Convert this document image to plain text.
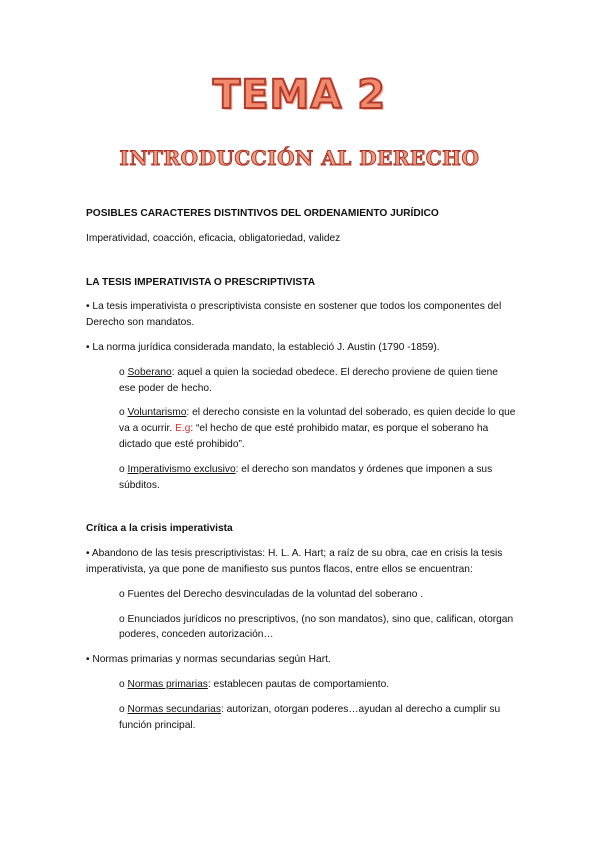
TEMA 2
INTRODUCCIÓN AL DERECHO

POSIBLES CARACTERES DISTINTIVOS DEL ORDENAMIENTO JURÍDICO

Imperatividad, coacción, eficacia, obligatoriedad, validez

LA TESIS IMPERATIVISTA O PRESCRIPTIVISTA

• La tesis imperativista o prescriptivista consiste en sostener que todos los componentes del Derecho son mandatos.

• La norma jurídica considerada mandato, la estableció J. Austin (1790 -1859).

o Soberano: aquel a quien la sociedad obedece. El derecho proviene de quien tiene ese poder de hecho.

o Voluntarismo: el derecho consiste en la voluntad del soberado, es quien decide lo que va a ocurrir. E.g: “el hecho de que esté prohibido matar, es porque el soberano ha dictado que esté prohibido”.

o Imperativismo exclusivo: el derecho son mandatos y órdenes que imponen a sus súbditos.

Crítica a la crisis imperativista

• Abandono de las tesis prescriptivistas: H. L. A. Hart; a raíz de su obra, cae en crisis la tesis imperativista, ya que pone de manifiesto sus puntos flacos, entre ellos se encuentran:

o Fuentes del Derecho desvinculadas de la voluntad del soberano .

o Enunciados jurídicos no prescriptivos, (no son mandatos), sino que, califican, otorgan poderes, conceden autorización…

• Normas primarias y normas secundarias según Hart.

o Normas primarias: establecen pautas de comportamiento.

o Normas secundarias: autorizan, otorgan poderes…ayudan al derecho a cumplir su función principal.
